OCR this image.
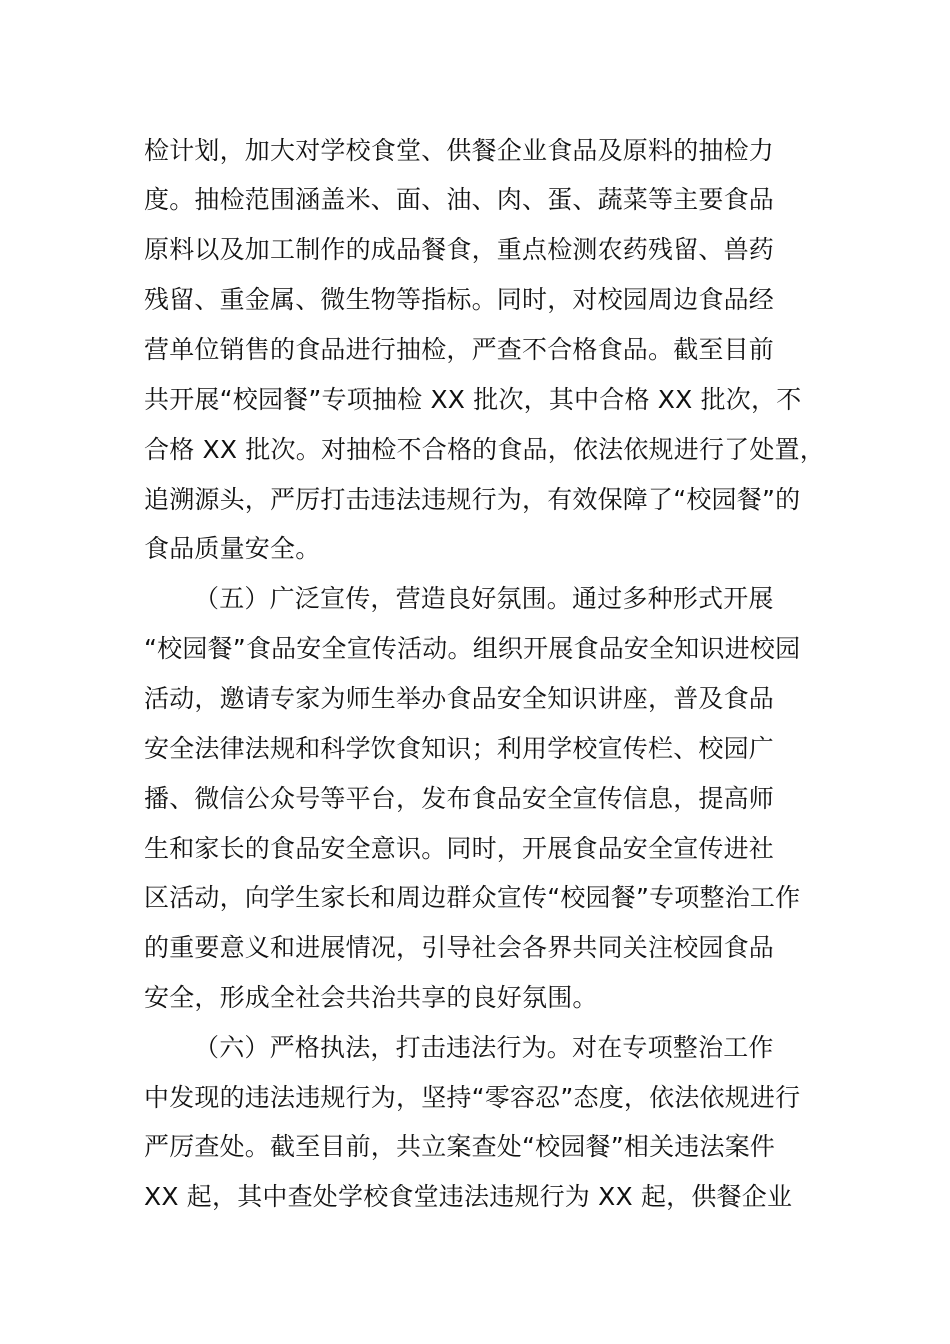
检计划，加大对学校食堂、供餐企业食品及原料的抽检力
度。抽检范围涵盖米、面、油、肉、蛋、蔬菜等主要食品
原料以及加工制作的成品餐食，重点检测农药残留、兽药
残留、重金属、微生物等指标。同时，对校园周边食品经
营单位销售的食品进行抽检，严查不合格食品。截至目前
共开展“校园餐”专项抽检 XX 批次，其中合格 XX 批次，不
合格 XX 批次。对抽检不合格的食品，依法依规进行了处置，
追溯源头，严厉打击违法违规行为，有效保障了“校园餐”的
食品质量安全。
（五）广泛宣传，营造良好氛围。通过多种形式开展
“校园餐”食品安全宣传活动。组织开展食品安全知识进校园
活动，邀请专家为师生举办食品安全知识讲座，普及食品
安全法律法规和科学饮食知识；利用学校宣传栏、校园广
播、微信公众号等平台，发布食品安全宣传信息，提高师
生和家长的食品安全意识。同时，开展食品安全宣传进社
区活动，向学生家长和周边群众宣传“校园餐”专项整治工作
的重要意义和进展情况，引导社会各界共同关注校园食品
安全，形成全社会共治共享的良好氛围。
（六）严格执法，打击违法行为。对在专项整治工作
中发现的违法违规行为，坚持“零容忍”态度，依法依规进行
严厉查处。截至目前，共立案查处“校园餐”相关违法案件
XX 起，其中查处学校食堂违法违规行为 XX 起，供餐企业
